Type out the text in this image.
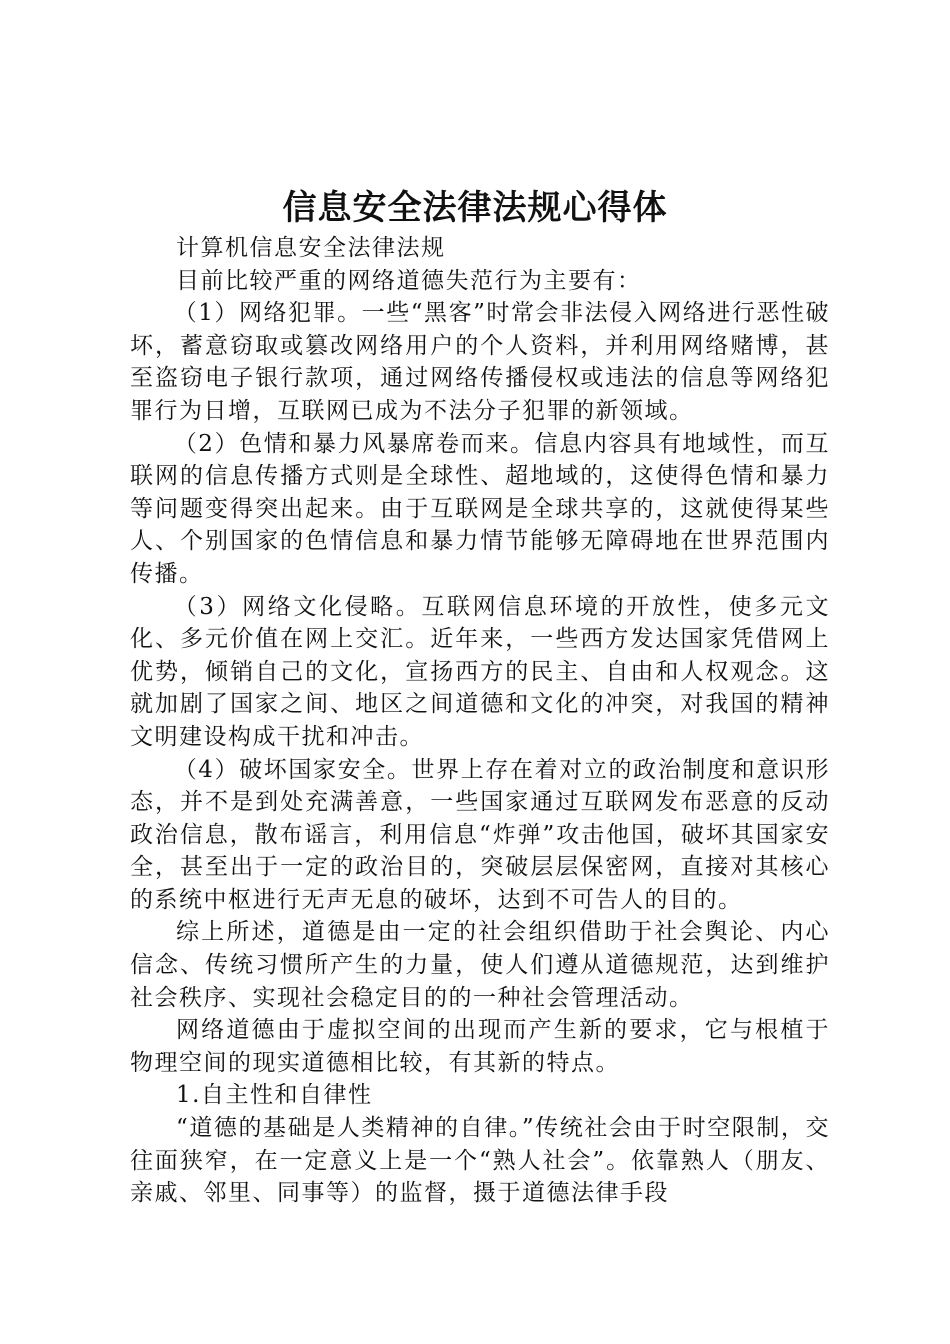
信息安全法律法规心得体

计算机信息安全法律法规

目前比较严重的网络道德失范行为主要有：

（1）网络犯罪。一些“黑客”时常会非法侵入网络进行恶性破坏，蓄意窃取或篡改网络用户的个人资料，并利用网络赌博，甚至盗窃电子银行款项，通过网络传播侵权或违法的信息等网络犯罪行为日增，互联网已成为不法分子犯罪的新领域。

（2）色情和暴力风暴席卷而来。信息内容具有地域性，而互联网的信息传播方式则是全球性、超地域的，这使得色情和暴力等问题变得突出起来。由于互联网是全球共享的，这就使得某些人、个别国家的色情信息和暴力情节能够无障碍地在世界范围内传播。

（3）网络文化侵略。互联网信息环境的开放性，使多元文化、多元价值在网上交汇。近年来，一些西方发达国家凭借网上优势，倾销自己的文化，宣扬西方的民主、自由和人权观念。这就加剧了国家之间、地区之间道德和文化的冲突，对我国的精神文明建设构成干扰和冲击。

（4）破坏国家安全。世界上存在着对立的政治制度和意识形态，并不是到处充满善意，一些国家通过互联网发布恶意的反动政治信息，散布谣言，利用信息“炸弹”攻击他国，破坏其国家安全，甚至出于一定的政治目的，突破层层保密网，直接对其核心的系统中枢进行无声无息的破坏，达到不可告人的目的。

综上所述，道德是由一定的社会组织借助于社会舆论、内心信念、传统习惯所产生的力量，使人们遵从道德规范，达到维护社会秩序、实现社会稳定目的的一种社会管理活动。

网络道德由于虚拟空间的出现而产生新的要求，它与根植于物理空间的现实道德相比较，有其新的特点。

1.自主性和自律性

“道德的基础是人类精神的自律。”传统社会由于时空限制，交往面狭窄，在一定意义上是一个“熟人社会”。依靠熟人（朋友、亲戚、邻里、同事等）的监督，摄于道德法律手段
